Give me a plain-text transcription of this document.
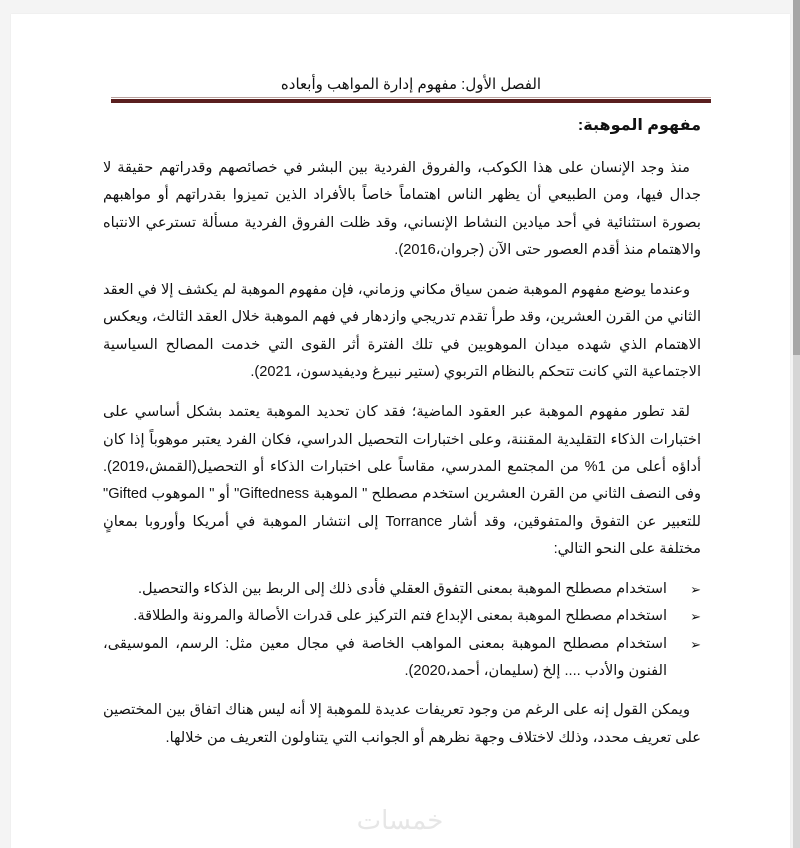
الفصل الأول: مفهوم إدارة المواهب وأبعاده
مفهوم الموهبة:

منذ وجد الإنسان على هذا الكوكب، والفروق الفردية بين البشر في خصائصهم وقدراتهم حقيقة لا جدال فيها، ومن الطبيعي أن يظهر الناس اهتماماً خاصاً بالأفراد الذين تميزوا بقدراتهم أو مواهبهم بصورة استثنائية في أحد ميادين النشاط الإنساني، وقد ظلت الفروق الفردية مسألة تسترعي الانتباه والاهتمام منذ أقدم العصور حتى الآن (جروان،2016).

وعندما يوضع مفهوم الموهبة ضمن سياق مكاني وزماني، فإن مفهوم الموهبة لم يكشف إلا في العقد الثاني من القرن العشرين، وقد طرأ تقدم تدريجي وازدهار في فهم الموهبة خلال العقد الثالث، ويعكس الاهتمام الذي شهده ميدان الموهوبين في تلك الفترة أثر القوى التي خدمت المصالح السياسية الاجتماعية التي كانت تتحكم بالنظام التربوي (ستير نبيرغ وديفيدسون، 2021).

لقد تطور مفهوم الموهبة عبر العقود الماضية؛ فقد كان تحديد الموهبة يعتمد بشكل أساسي على اختبارات الذكاء التقليدية المقننة، وعلى اختبارات التحصيل الدراسي، فكان الفرد يعتبر موهوباً إذا كان أداؤه أعلى من 1% من المجتمع المدرسي، مقاساً على اختبارات الذكاء أو التحصيل(القمش،2019). وفى النصف الثاني من القرن العشرين استخدم مصطلح " الموهبة Giftedness" أو " الموهوب Gifted" للتعبير عن التفوق والمتفوقين، وقد أشار Torrance إلى انتشار الموهبة في أمريكا وأوروبا بمعانٍ مختلفة على النحو التالي:

➢
استخدام مصطلح الموهبة بمعنى التفوق العقلي فأدى ذلك إلى الربط بين الذكاء والتحصيل.
➢
استخدام مصطلح الموهبة بمعنى الإبداع فتم التركيز على قدرات الأصالة والمرونة والطلاقة.
➢
استخدام مصطلح الموهبة بمعنى المواهب الخاصة في مجال معين مثل: الرسم، الموسيقى، الفنون والأدب .... إلخ (سليمان، أحمد،2020).

ويمكن القول إنه على الرغم من وجود تعريفات عديدة للموهبة إلا أنه ليس هناك اتفاق بين المختصين على تعريف محدد، وذلك لاختلاف وجهة نظرهم أو الجوانب التي يتناولون التعريف من خلالها.

خمسات
